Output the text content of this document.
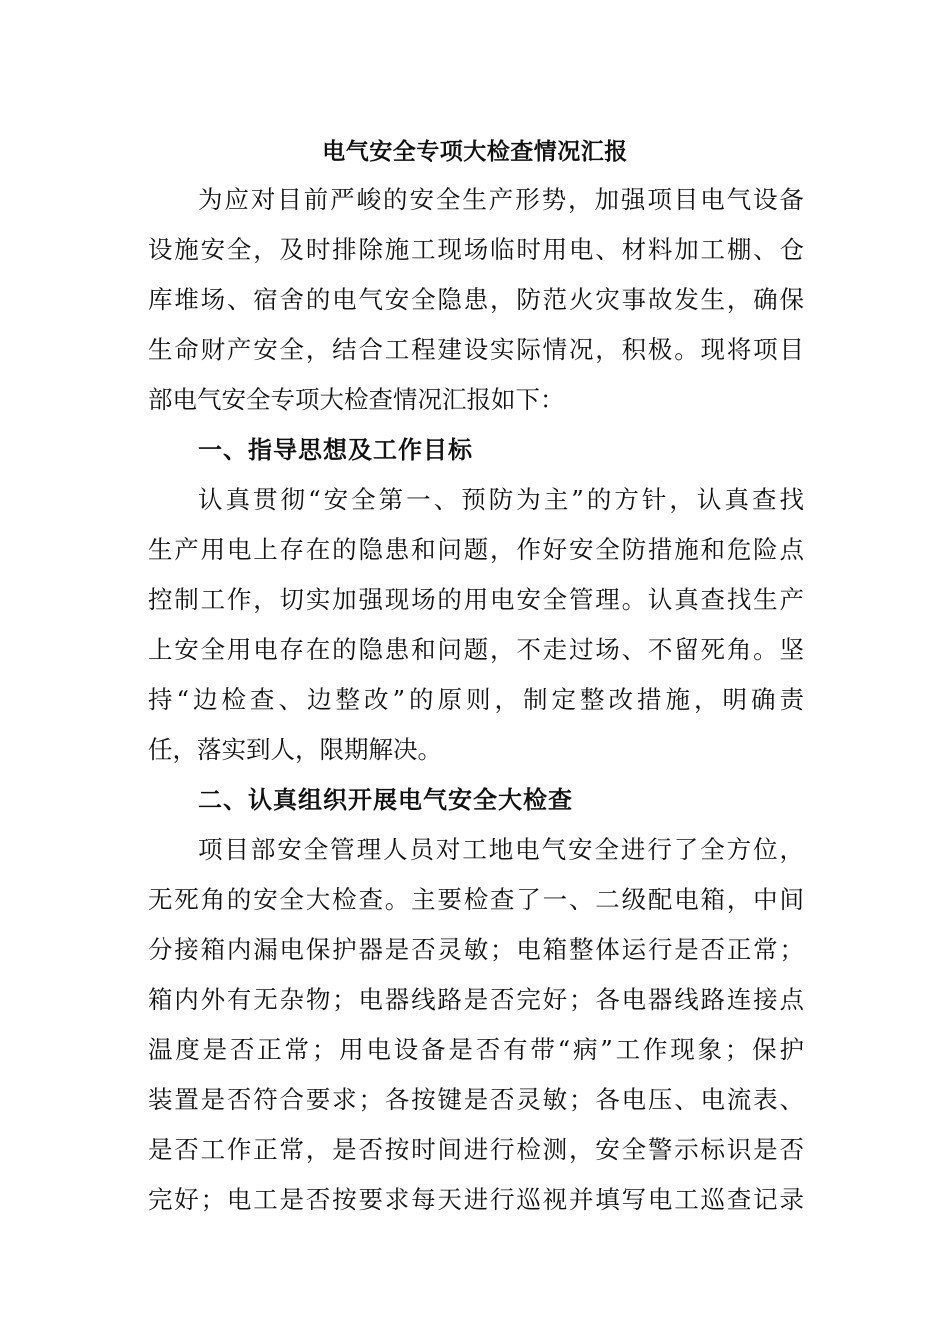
电气安全专项大检查情况汇报
为应对目前严峻的安全生产形势，加强项目电气设备
设施安全，及时排除施工现场临时用电、材料加工棚、仓
库堆场、宿舍的电气安全隐患，防范火灾事故发生，确保
生命财产安全，结合工程建设实际情况，积极。现将项目
部电气安全专项大检查情况汇报如下：
一、指导思想及工作目标
认真贯彻“安全第一、预防为主”的方针，认真查找
生产用电上存在的隐患和问题，作好安全防措施和危险点
控制工作，切实加强现场的用电安全管理。认真查找生产
上安全用电存在的隐患和问题，不走过场、不留死角。坚
持“边检查、边整改”的原则，制定整改措施，明确责
任，落实到人，限期解决。
二、认真组织开展电气安全大检查
项目部安全管理人员对工地电气安全进行了全方位，
无死角的安全大检查。主要检查了一、二级配电箱，中间
分接箱内漏电保护器是否灵敏；电箱整体运行是否正常；
箱内外有无杂物；电器线路是否完好；各电器线路连接点
温度是否正常；用电设备是否有带“病”工作现象；保护
装置是否符合要求；各按键是否灵敏；各电压、电流表、
是否工作正常，是否按时间进行检测，安全警示标识是否
完好；电工是否按要求每天进行巡视并填写电工巡查记录
